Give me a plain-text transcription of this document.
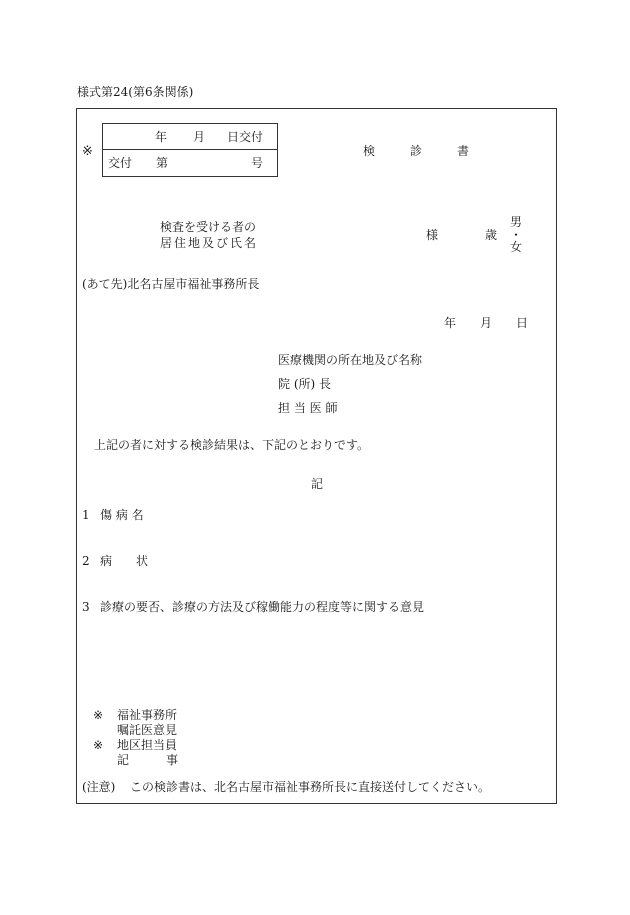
様式第24(第6条関係)
※
年 月 日交付
交付 第	号
検	診	書
検査を受ける者の
居住地及び氏名
様	歳
男
・
女
(あて先)北名古屋市福祉事務所長
年 月 日
医療機関の所在地及び名称
院 (所) 長
担 当 医 師
上記の者に対する検診結果は、下記のとおりです。
記
1 傷 病 名
2 病 状
3 診療の要否、診療の方法及び稼働能力の程度等に関する意見
※ 福祉事務所
嘱託医意見
※ 地区担当員
記	事
(注意) この検診書は、北名古屋市福祉事務所長に直接送付してください。
